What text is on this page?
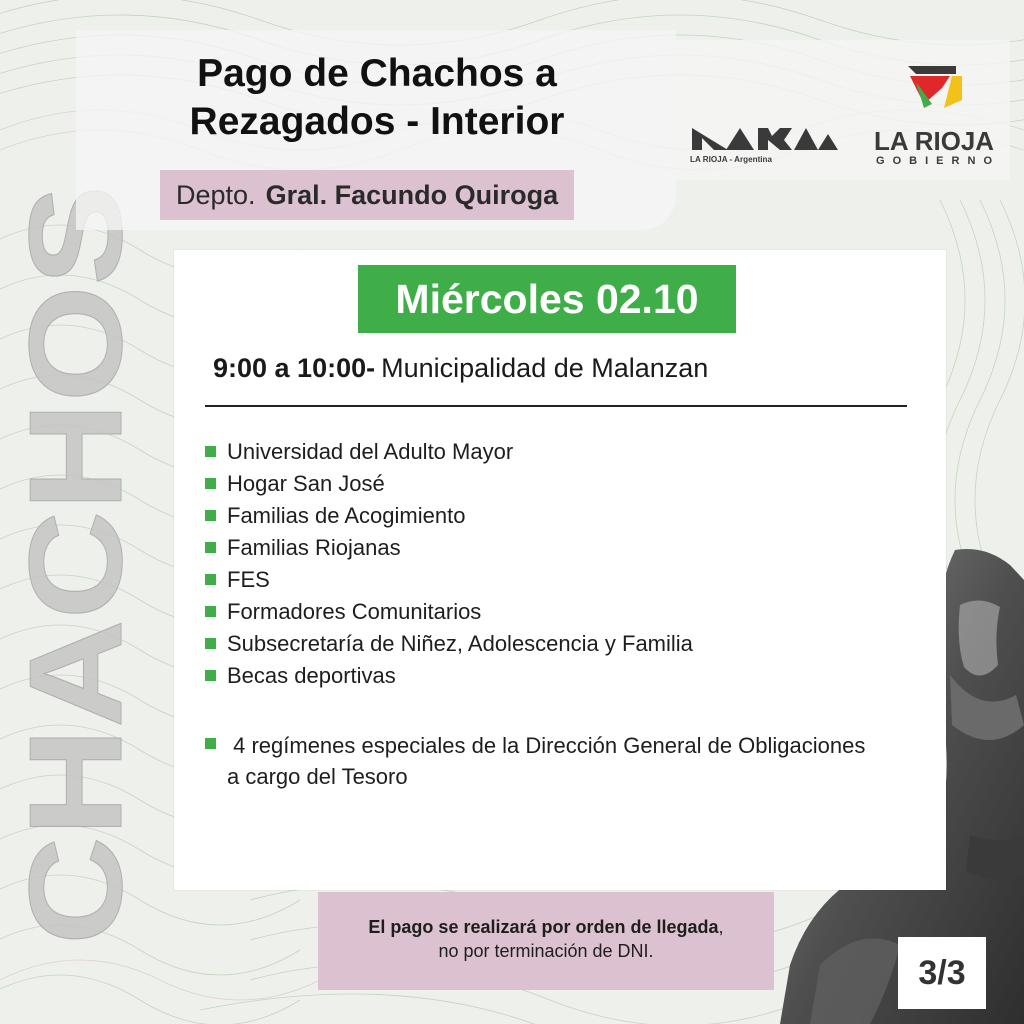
CHACHOS
Pago de Chachos a
Rezagados - Interior
Depto. Gral. Facundo Quiroga
LA RIOJA - Argentina
LA RIOJA
GOBIERNO
Miércoles 02.10
9:00 a 10:00- Municipalidad de Malanzan
Universidad del Adulto Mayor
Hogar San José
Familias de Acogimiento
Familias Riojanas
FES
Formadores Comunitarios
Subsecretaría de Niñez, Adolescencia y Familia
Becas deportivas

4 regímenes especiales de la Dirección General de Obligaciones
a cargo del Tesoro

El pago se realizará por orden de llegada,

no por terminación de DNI.

3/3
